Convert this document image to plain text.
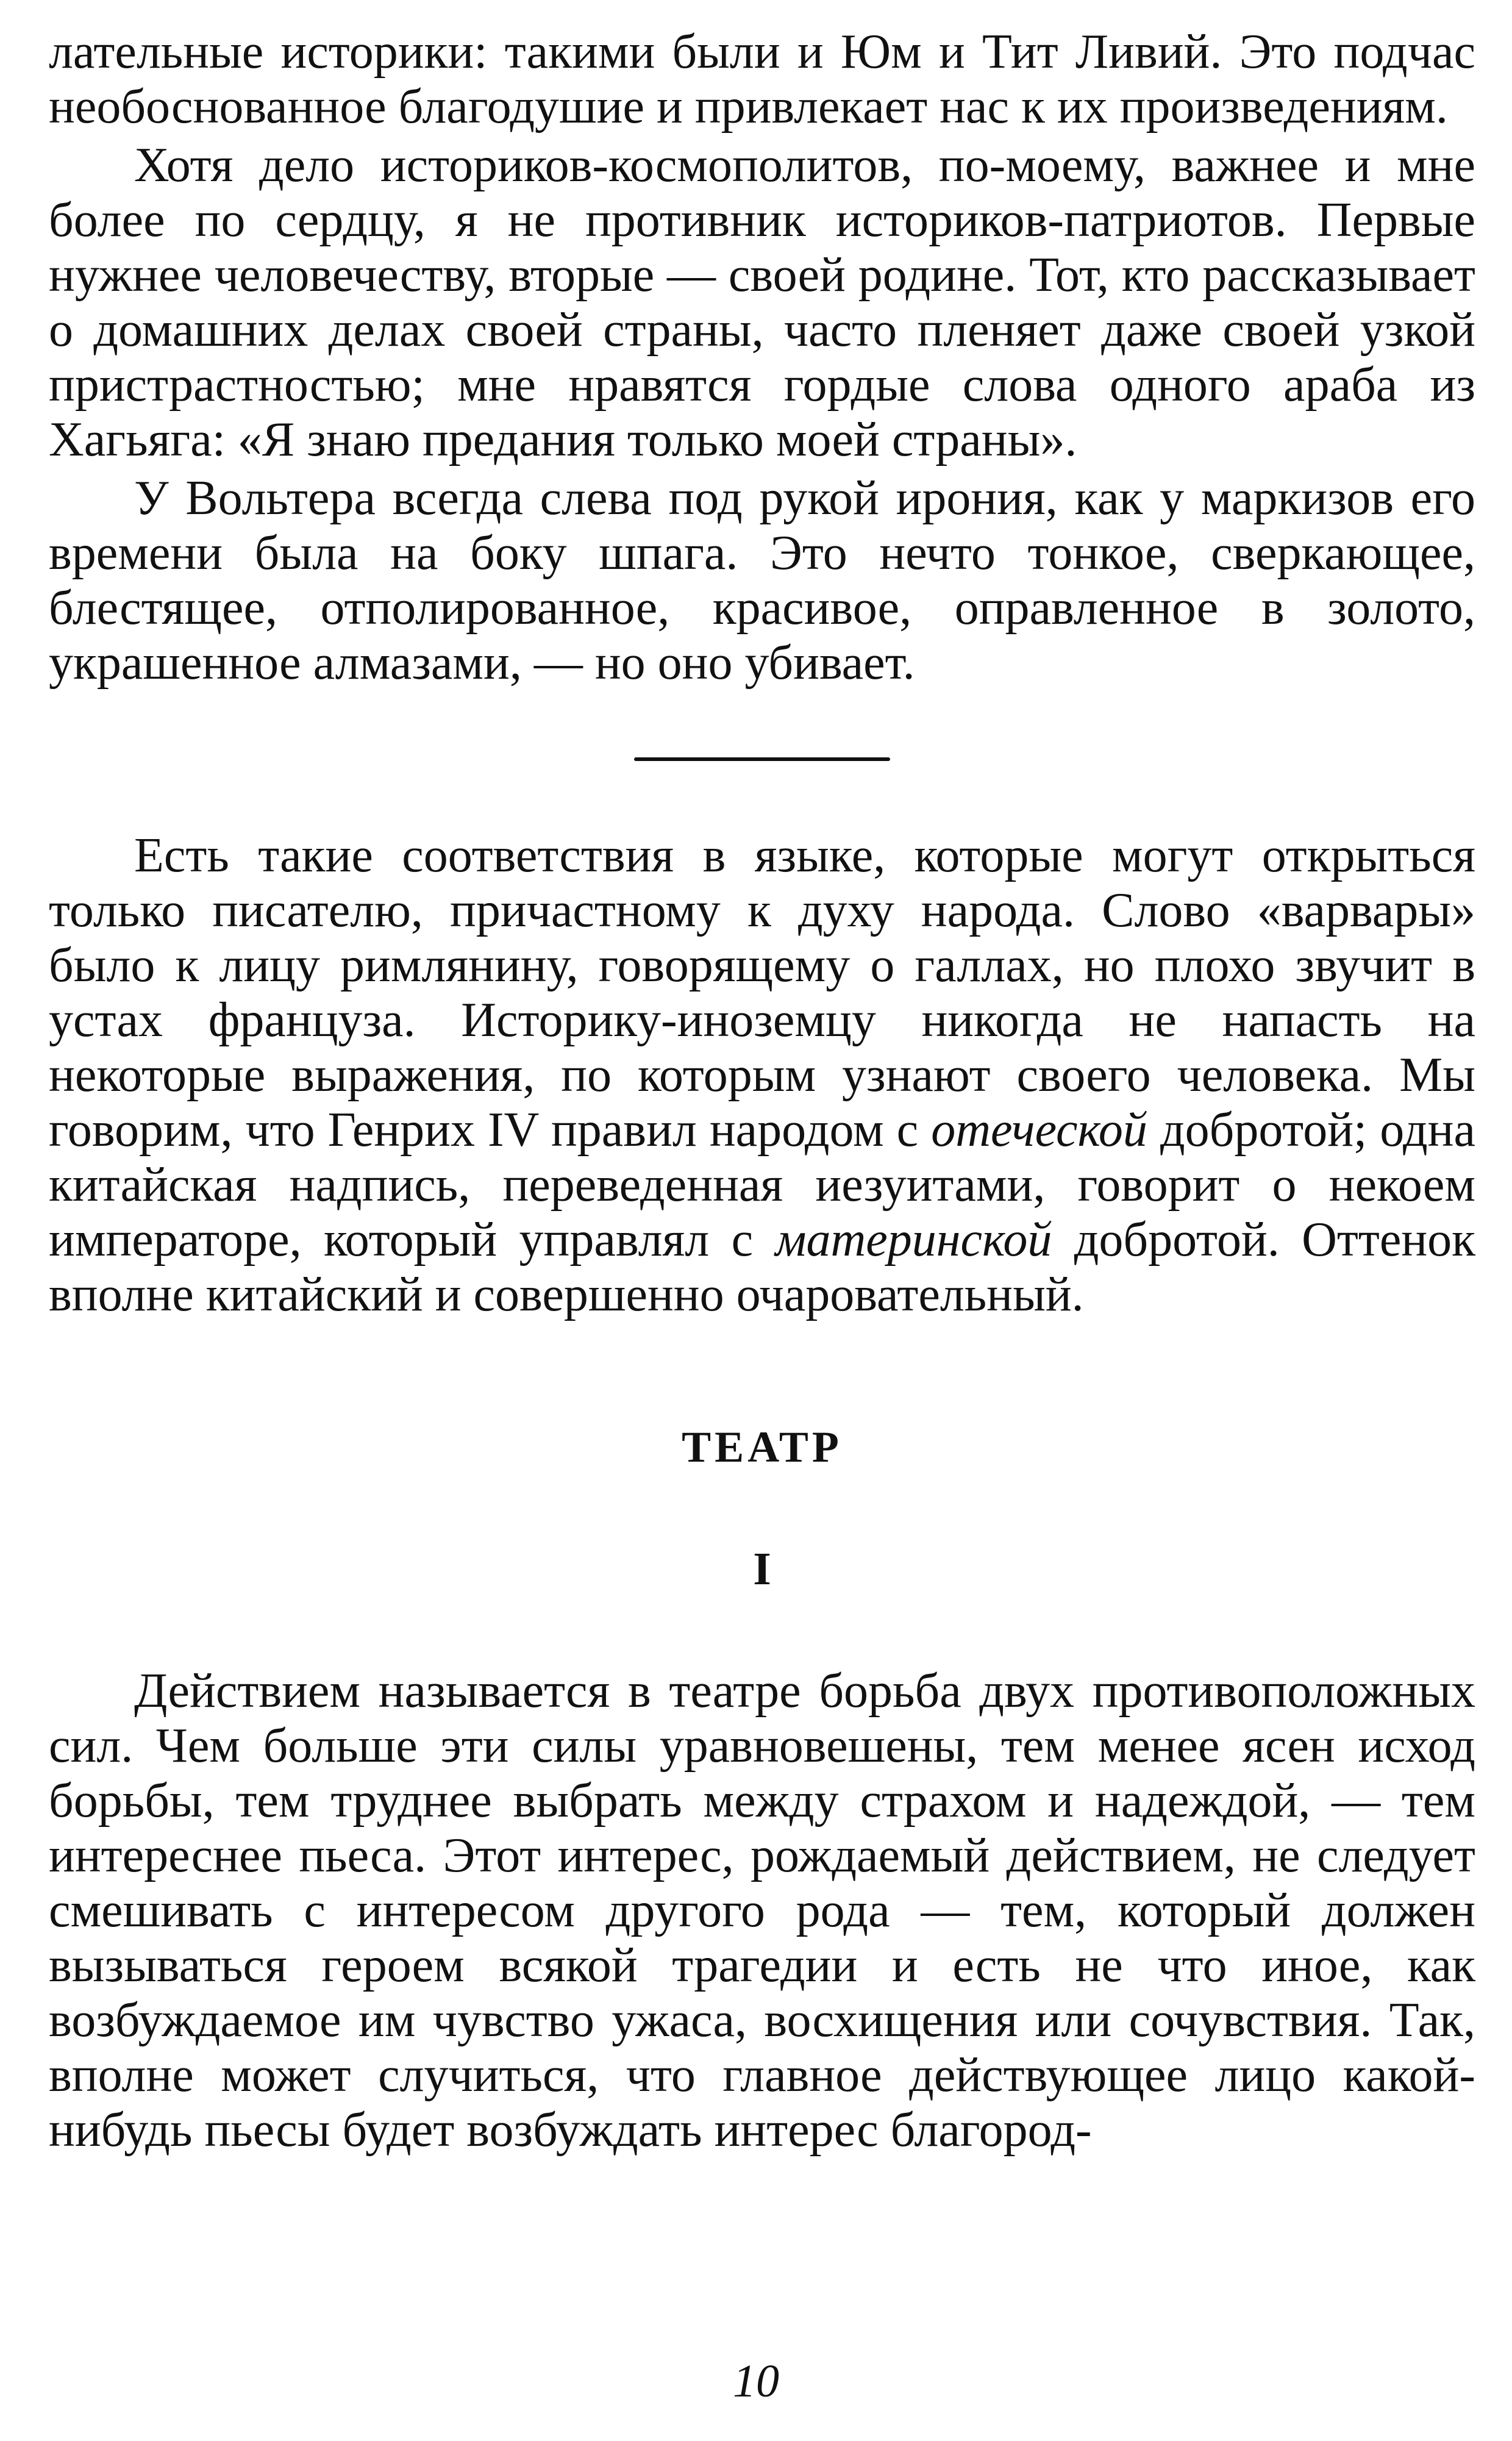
лательные историки: такими были и Юм и Тит Ливий. Это подчас необоснованное благодушие и привлекает нас к их произведениям.

Хотя дело историков-космополитов, по-моему, важнее и мне более по сердцу, я не противник историков-патриотов. Первые нужнее человечеству, вторые — своей родине. Тот, кто рассказывает о домашних делах своей страны, часто пленяет даже своей узкой пристрастностью; мне нравятся гордые слова одного араба из Хагьяга: «Я знаю предания только моей страны».

У Вольтера всегда слева под рукой ирония, как у маркизов его времени была на боку шпага. Это нечто тонкое, сверкающее, блестящее, отполированное, красивое, оправленное в золото, украшенное алмазами, — но оно убивает.

Есть такие соответствия в языке, которые могут открыться только писателю, причастному к духу народа. Слово «варвары» было к лицу римлянину, говорящему о галлах, но плохо звучит в устах француза. Историку-иноземцу никогда не напасть на некоторые выражения, по которым узнают своего человека. Мы говорим, что Генрих IV правил народом с отеческой добротой; одна китайская надпись, переведенная иезуитами, говорит о некоем императоре, который управлял с материнской добротой. Оттенок вполне китайский и совершенно очаровательный.

ТЕАТР
I

Действием называется в театре борьба двух противоположных сил. Чем больше эти силы уравновешены, тем менее ясен исход борьбы, тем труднее выбрать между страхом и надеждой, — тем интереснее пьеса. Этот интерес, рождаемый действием, не следует смешивать с интересом другого рода — тем, который должен вызываться героем всякой трагедии и есть не что иное, как возбуждаемое им чувство ужаса, восхищения или сочувствия. Так, вполне может случиться, что главное действующее лицо какой-нибудь пьесы будет возбуждать интерес благород-

10
